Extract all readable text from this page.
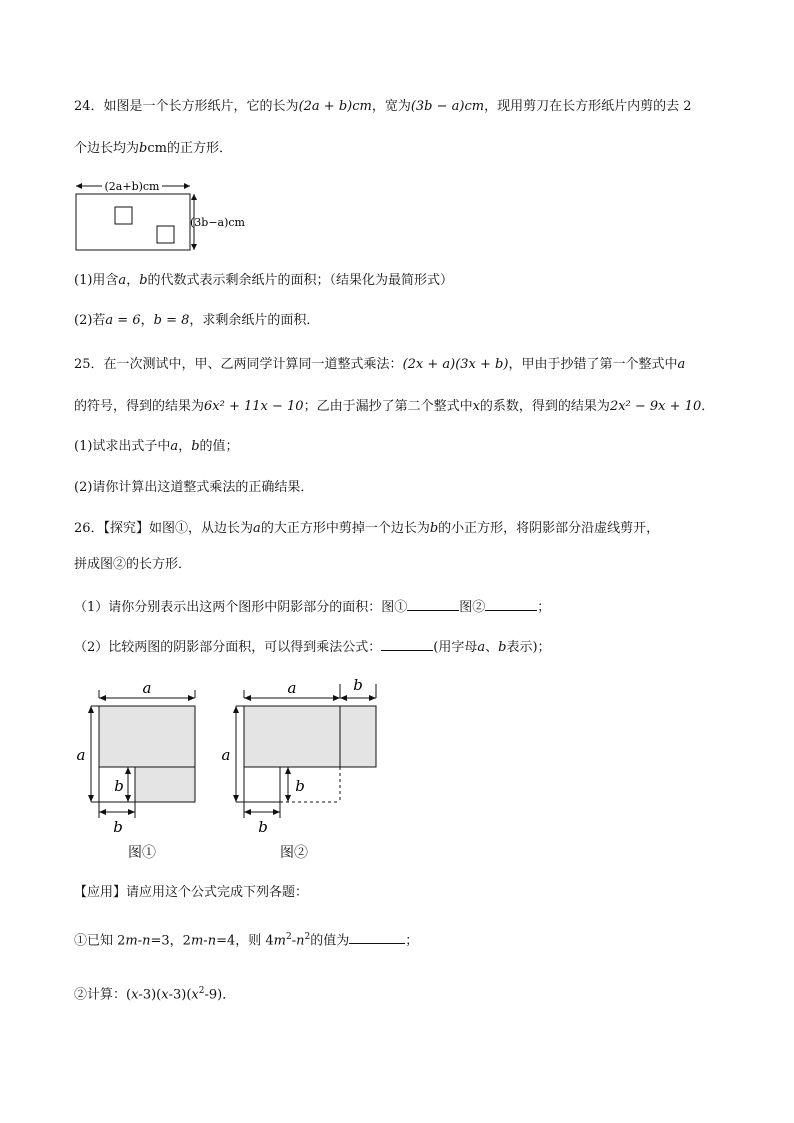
24．如图是一个长方形纸片，它的长为(2a + b)cm，宽为(3b − a)cm，现用剪刀在长方形纸片内剪的去 2
个边长均为bcm的正方形．
(2a+b)cm
(3b−a)cm
(1)用含a，b的代数式表示剩余纸片的面积；（结果化为最简形式）
(2)若a = 6，b = 8，求剩余纸片的面积．
25．在一次测试中，甲、乙两同学计算同一道整式乘法：(2x + a)(3x + b)，甲由于抄错了第一个整式中a
的符号，得到的结果为6x² + 11x − 10；乙由于漏抄了第二个整式中x的系数，得到的结果为2x² − 9x + 10．
(1)试求出式子中a，b的值；
(2)请你计算出这道整式乘法的正确结果．
26．【探究】如图①，从边长为a的大正方形中剪掉一个边长为b的小正方形，将阴影部分沿虚线剪开，
拼成图②的长方形．
（1）请你分别表示出这两个图形中阴影部分的面积：图①	图②	；
（2）比较两图的阴影部分面积，可以得到乘法公式：	(用字母a、b表示)；
a
a
b
b
图①
a	b
a
b
b
图②
【应用】请应用这个公式完成下列各题：
①已知 2m-n=3，2m-n=4，则 $4m^2-n^2$的值为	；
②计算：$(x-3)(x-3)(x^2-9)$．
